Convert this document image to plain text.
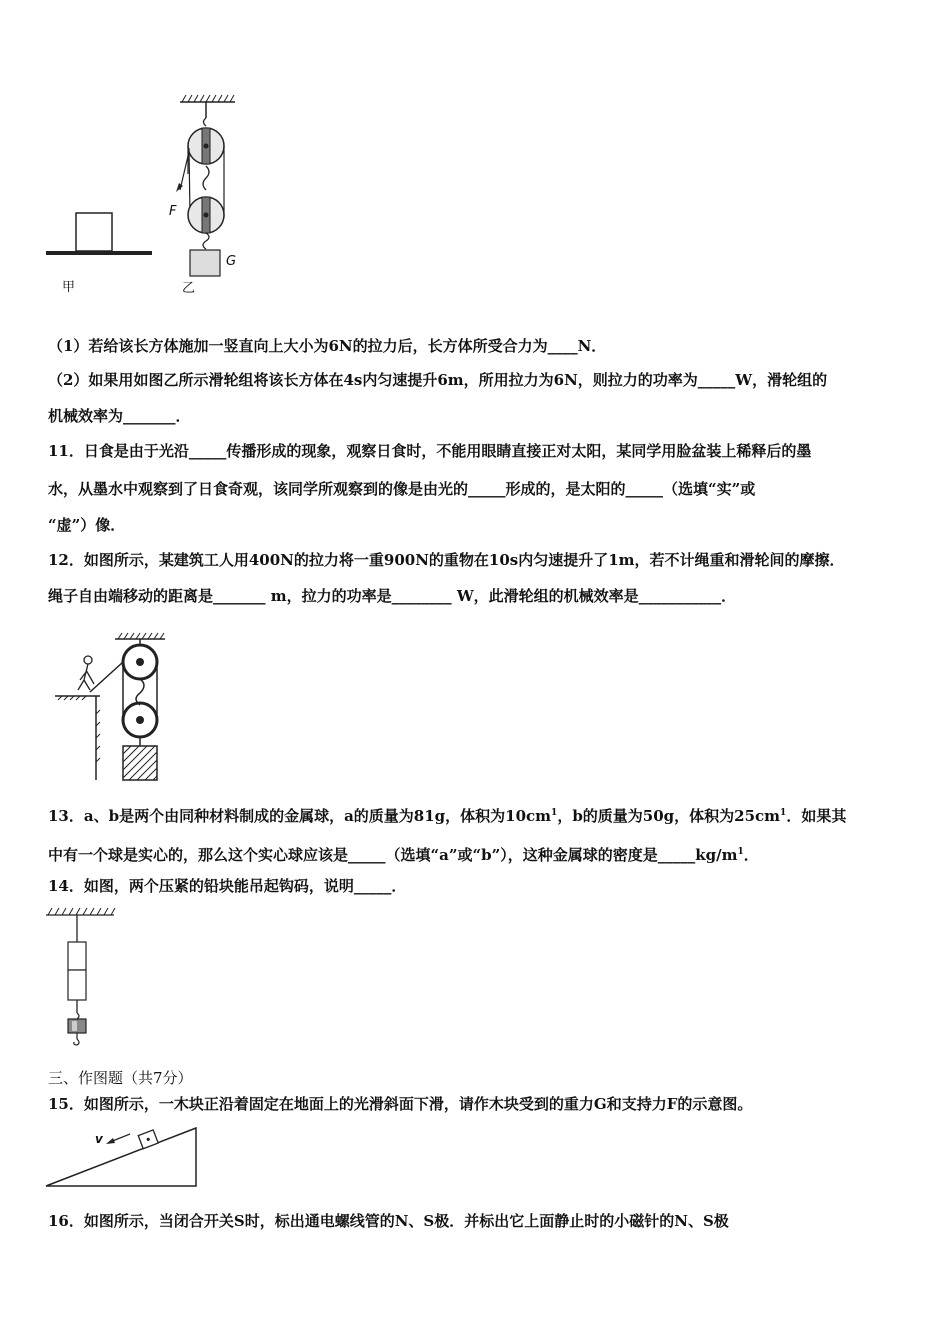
甲	乙
F
G
（1）若给该长方体施加一竖直向上大小为6N的拉力后，长方体所受合力为____N．
（2）如果用如图乙所示滑轮组将该长方体在4s内匀速提升6m，所用拉力为6N，则拉力的功率为_____W，滑轮组的
机械效率为_______．
11．日食是由于光沿_____传播形成的现象，观察日食时，不能用眼睛直接正对太阳，某同学用脸盆装上稀释后的墨
水，从墨水中观察到了日食奇观，该同学所观察到的像是由光的_____形成的，是太阳的_____（选填“实”或
“虚”）像．
12．如图所示，某建筑工人用400N的拉力将一重900N的重物在10s内匀速提升了1m，若不计绳重和滑轮间的摩擦．
绳子自由端移动的距离是_______ m，拉力的功率是________ W，此滑轮组的机械效率是___________．
13．a、b是两个由同种材料制成的金属球，a的质量为81g，体积为$10cm^1$，b的质量为50g，体积为$25cm^1$．如果其
中有一个球是实心的，那么这个实心球应该是_____（选填“a”或“b”），这种金属球的密度是$\_\_\_\_\_kg/m^1$．
14．如图，两个压紧的铅块能吊起钩码，说明_____．
三、作图题（共7分）
15．如图所示，一木块正沿着固定在地面上的光滑斜面下滑，请作木块受到的重力G和支持力F的示意图。
v
16．如图所示，当闭合开关S时，标出通电螺线管的N、S极．并标出它上面静止时的小磁针的N、S极
